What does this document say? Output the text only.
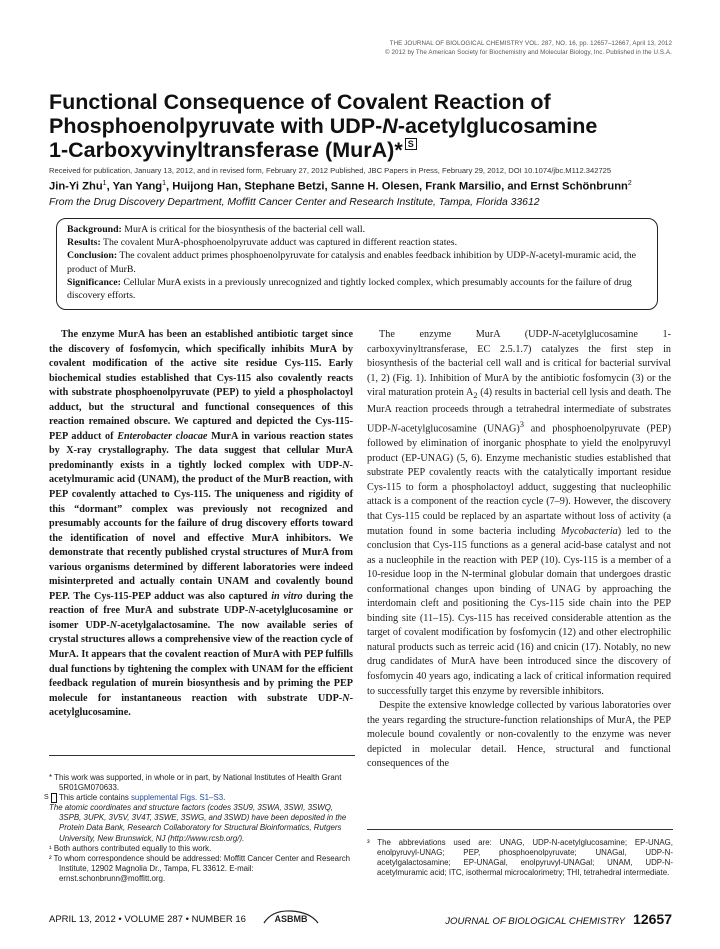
THE JOURNAL OF BIOLOGICAL CHEMISTRY VOL. 287, NO. 16, pp. 12657–12667, April 13, 2012
© 2012 by The American Society for Biochemistry and Molecular Biology, Inc. Published in the U.S.A.
Functional Consequence of Covalent Reaction of
Phosphoenolpyruvate with UDP-N-acetylglucosamine
1-Carboxyvinyltransferase (MurA)* S
Received for publication, January 13, 2012, and in revised form, February 27, 2012 Published, JBC Papers in Press, February 29, 2012, DOI 10.1074/jbc.M112.342725
Jin-Yi Zhu$^1$, Yan Yang$^1$, Huijong Han, Stephane Betzi, Sanne H. Olesen, Frank Marsilio, and Ernst Schönbrunn$^2$
From the Drug Discovery Department, Moffitt Cancer Center and Research Institute, Tampa, Florida 33612
Background: MurA is critical for the biosynthesis of the bacterial cell wall.
Results: The covalent MurA-phosphoenolpyruvate adduct was captured in different reaction states.
Conclusion: The covalent adduct primes phosphoenolpyruvate for catalysis and enables feedback inhibition by UDP-N-acetyl-muramic acid, the product of MurB.
Significance: Cellular MurA exists in a previously unrecognized and tightly locked complex, which presumably accounts for the failure of drug discovery efforts.

The enzyme MurA has been an established antibiotic target since the discovery of fosfomycin, which specifically inhibits MurA by covalent modification of the active site residue Cys-115. Early biochemical studies established that Cys-115 also covalently reacts with substrate phosphoenolpyruvate (PEP) to yield a phospholactoyl adduct, but the structural and functional consequences of this reaction remained obscure. We captured and depicted the Cys-115-PEP adduct of Enterobacter cloacae MurA in various reaction states by X-ray crystallography. The data suggest that cellular MurA predominantly exists in a tightly locked complex with UDP-N-acetylmuramic acid (UNAM), the product of the MurB reaction, with PEP covalently attached to Cys-115. The uniqueness and rigidity of this “dormant” complex was previously not recognized and presumably accounts for the failure of drug discovery efforts toward the identification of novel and effective MurA inhibitors. We demonstrate that recently published crystal structures of MurA from various organisms determined by different laboratories were indeed misinterpreted and actually contain UNAM and covalently bound PEP. The Cys-115-PEP adduct was also captured in vitro during the reaction of free MurA and substrate UDP-N-acetylglucosamine or isomer UDP-N-acetylgalactosamine. The now available series of crystal structures allows a comprehensive view of the reaction cycle of MurA. It appears that the covalent reaction of MurA with PEP fulfills dual functions by tightening the complex with UNAM for the efficient feedback regulation of murein biosynthesis and by priming the PEP molecule for instantaneous reaction with substrate UDP-N-acetylglucosamine.

* This work was supported, in whole or in part, by National Institutes of Health Grant 5R01GM070633.

S This article contains supplemental Figs. S1–S3.

The atomic coordinates and structure factors (codes 3SU9, 3SWA, 3SWI, 3SWQ, 3SPB, 3UPK, 3V5V, 3V4T, 3SWE, 3SWG, and 3SWD) have been deposited in the Protein Data Bank, Research Collaboratory for Structural Bioinformatics, Rutgers University, New Brunswick, NJ (http://www.rcsb.org/).

¹ Both authors contributed equally to this work.

² To whom correspondence should be addressed: Moffitt Cancer Center and Research Institute, 12902 Magnolia Dr., Tampa, FL 33612. E-mail: ernst.schonbrunn@moffitt.org.

The enzyme MurA (UDP-N-acetylglucosamine 1-carboxyvinyltransferase, EC 2.5.1.7) catalyzes the first step in biosynthesis of the bacterial cell wall and is critical for bacterial survival (1, 2) (Fig. 1). Inhibition of MurA by the antibiotic fosfomycin (3) or the viral maturation protein $A_2$ (4) results in bacterial cell lysis and death. The MurA reaction proceeds through a tetrahedral intermediate of substrates UDP-N-acetylglucosamine (UNAG)$^3$ and phosphoenolpyruvate (PEP) followed by elimination of inorganic phosphate to yield the enolpyruvyl product (EP-UNAG) (5, 6). Enzyme mechanistic studies established that substrate PEP covalently reacts with the catalytically important residue Cys-115 to form a phospholactoyl adduct, suggesting that nucleophilic attack is a component of the reaction cycle (7–9). However, the discovery that Cys-115 could be replaced by an aspartate without loss of activity (a mutation found in some bacteria including Mycobacteria) led to the conclusion that Cys-115 functions as a general acid-base catalyst and not as a nucleophile in the reaction with PEP (10). Cys-115 is a member of a 10-residue loop in the N-terminal globular domain that undergoes drastic conformational changes upon binding of UNAG by approaching the interdomain cleft and positioning the Cys-115 side chain into the PEP binding site (11–15). Cys-115 has received considerable attention as the target of covalent modification by fosfomycin (12) and other electrophilic natural products such as terreic acid (16) and cnicin (17). Notably, no new drug candidates of MurA have been introduced since the discovery of fosfomycin 40 years ago, indicating a lack of critical information required to successfully target this enzyme by reversible inhibitors.

Despite the extensive knowledge collected by various laboratories over the years regarding the structure-function relationships of MurA, the PEP molecule bound covalently or non-covalently to the enzyme was never depicted in molecular detail. Hence, structural and functional consequences of the

³ The abbreviations used are: UNAG, UDP-N-acetylglucosamine; EP-UNAG, enolpyruvyl-UNAG; PEP, phosphoenolpyruvate; UNAGal, UDP-N-acetylgalactosamine; EP-UNAGal, enolpyruvyl-UNAGal; UNAM, UDP-N-acetylmuramic acid; ITC, isothermal microcalorimetry; THI, tetrahedral intermediate.

APRIL 13, 2012 • VOLUME 287 • NUMBER 16	ASBMB	JOURNAL OF BIOLOGICAL CHEMISTRY 12657
